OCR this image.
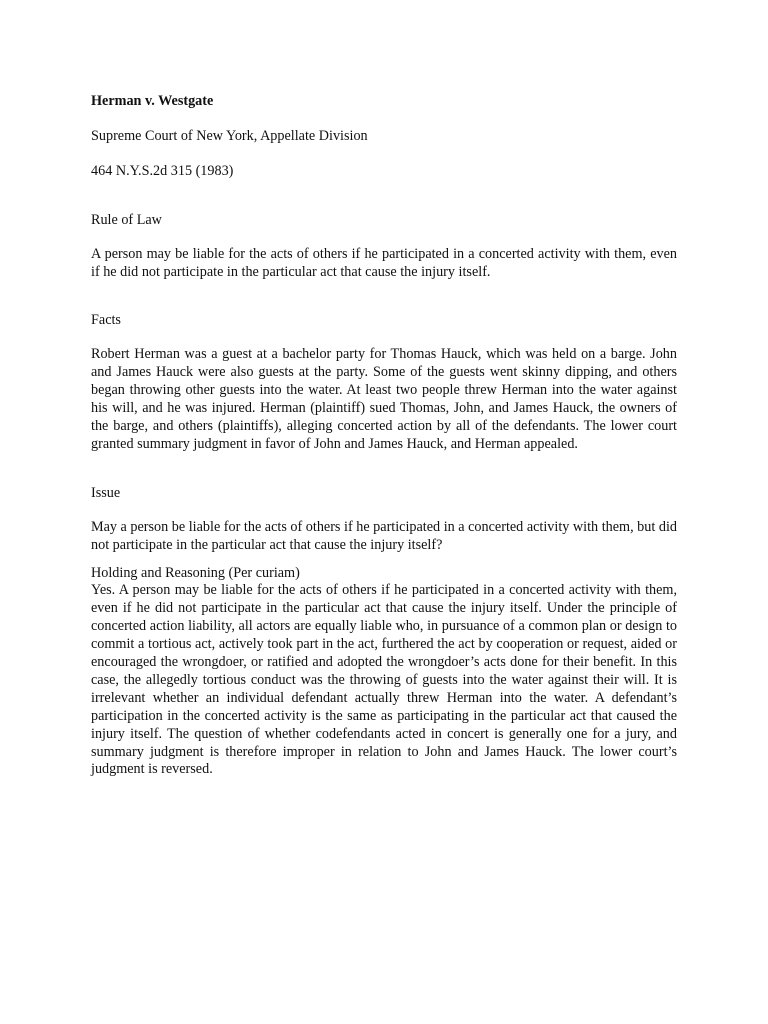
Herman v. Westgate
Supreme Court of New York, Appellate Division
464 N.Y.S.2d 315 (1983)
Rule of Law

A person may be liable for the acts of others if he participated in a concerted activity with them, even if he did not participate in the particular act that cause the injury itself.

Facts

Robert Herman was a guest at a bachelor party for Thomas Hauck, which was held on a barge. John and James Hauck were also guests at the party. Some of the guests went skinny dipping, and others began throwing other guests into the water. At least two people threw Herman into the water against his will, and he was injured. Herman (plaintiff) sued Thomas, John, and James Hauck, the owners of the barge, and others (plaintiffs), alleging concerted action by all of the defendants. The lower court granted summary judgment in favor of John and James Hauck, and Herman appealed.

Issue

May a person be liable for the acts of others if he participated in a concerted activity with them, but did not participate in the particular act that cause the injury itself?

Holding and Reasoning (Per curiam)

Yes. A person may be liable for the acts of others if he participated in a concerted activity with them, even if he did not participate in the particular act that cause the injury itself. Under the principle of concerted action liability, all actors are equally liable who, in pursuance of a common plan or design to commit a tortious act, actively took part in the act, furthered the act by cooperation or request, aided or encouraged the wrongdoer, or ratified and adopted the wrongdoer’s acts done for their benefit. In this case, the allegedly tortious conduct was the throwing of guests into the water against their will. It is irrelevant whether an individual defendant actually threw Herman into the water. A defendant’s participation in the concerted activity is the same as participating in the particular act that caused the injury itself. The question of whether codefendants acted in concert is generally one for a jury, and summary judgment is therefore improper in relation to John and James Hauck. The lower court’s judgment is reversed.
